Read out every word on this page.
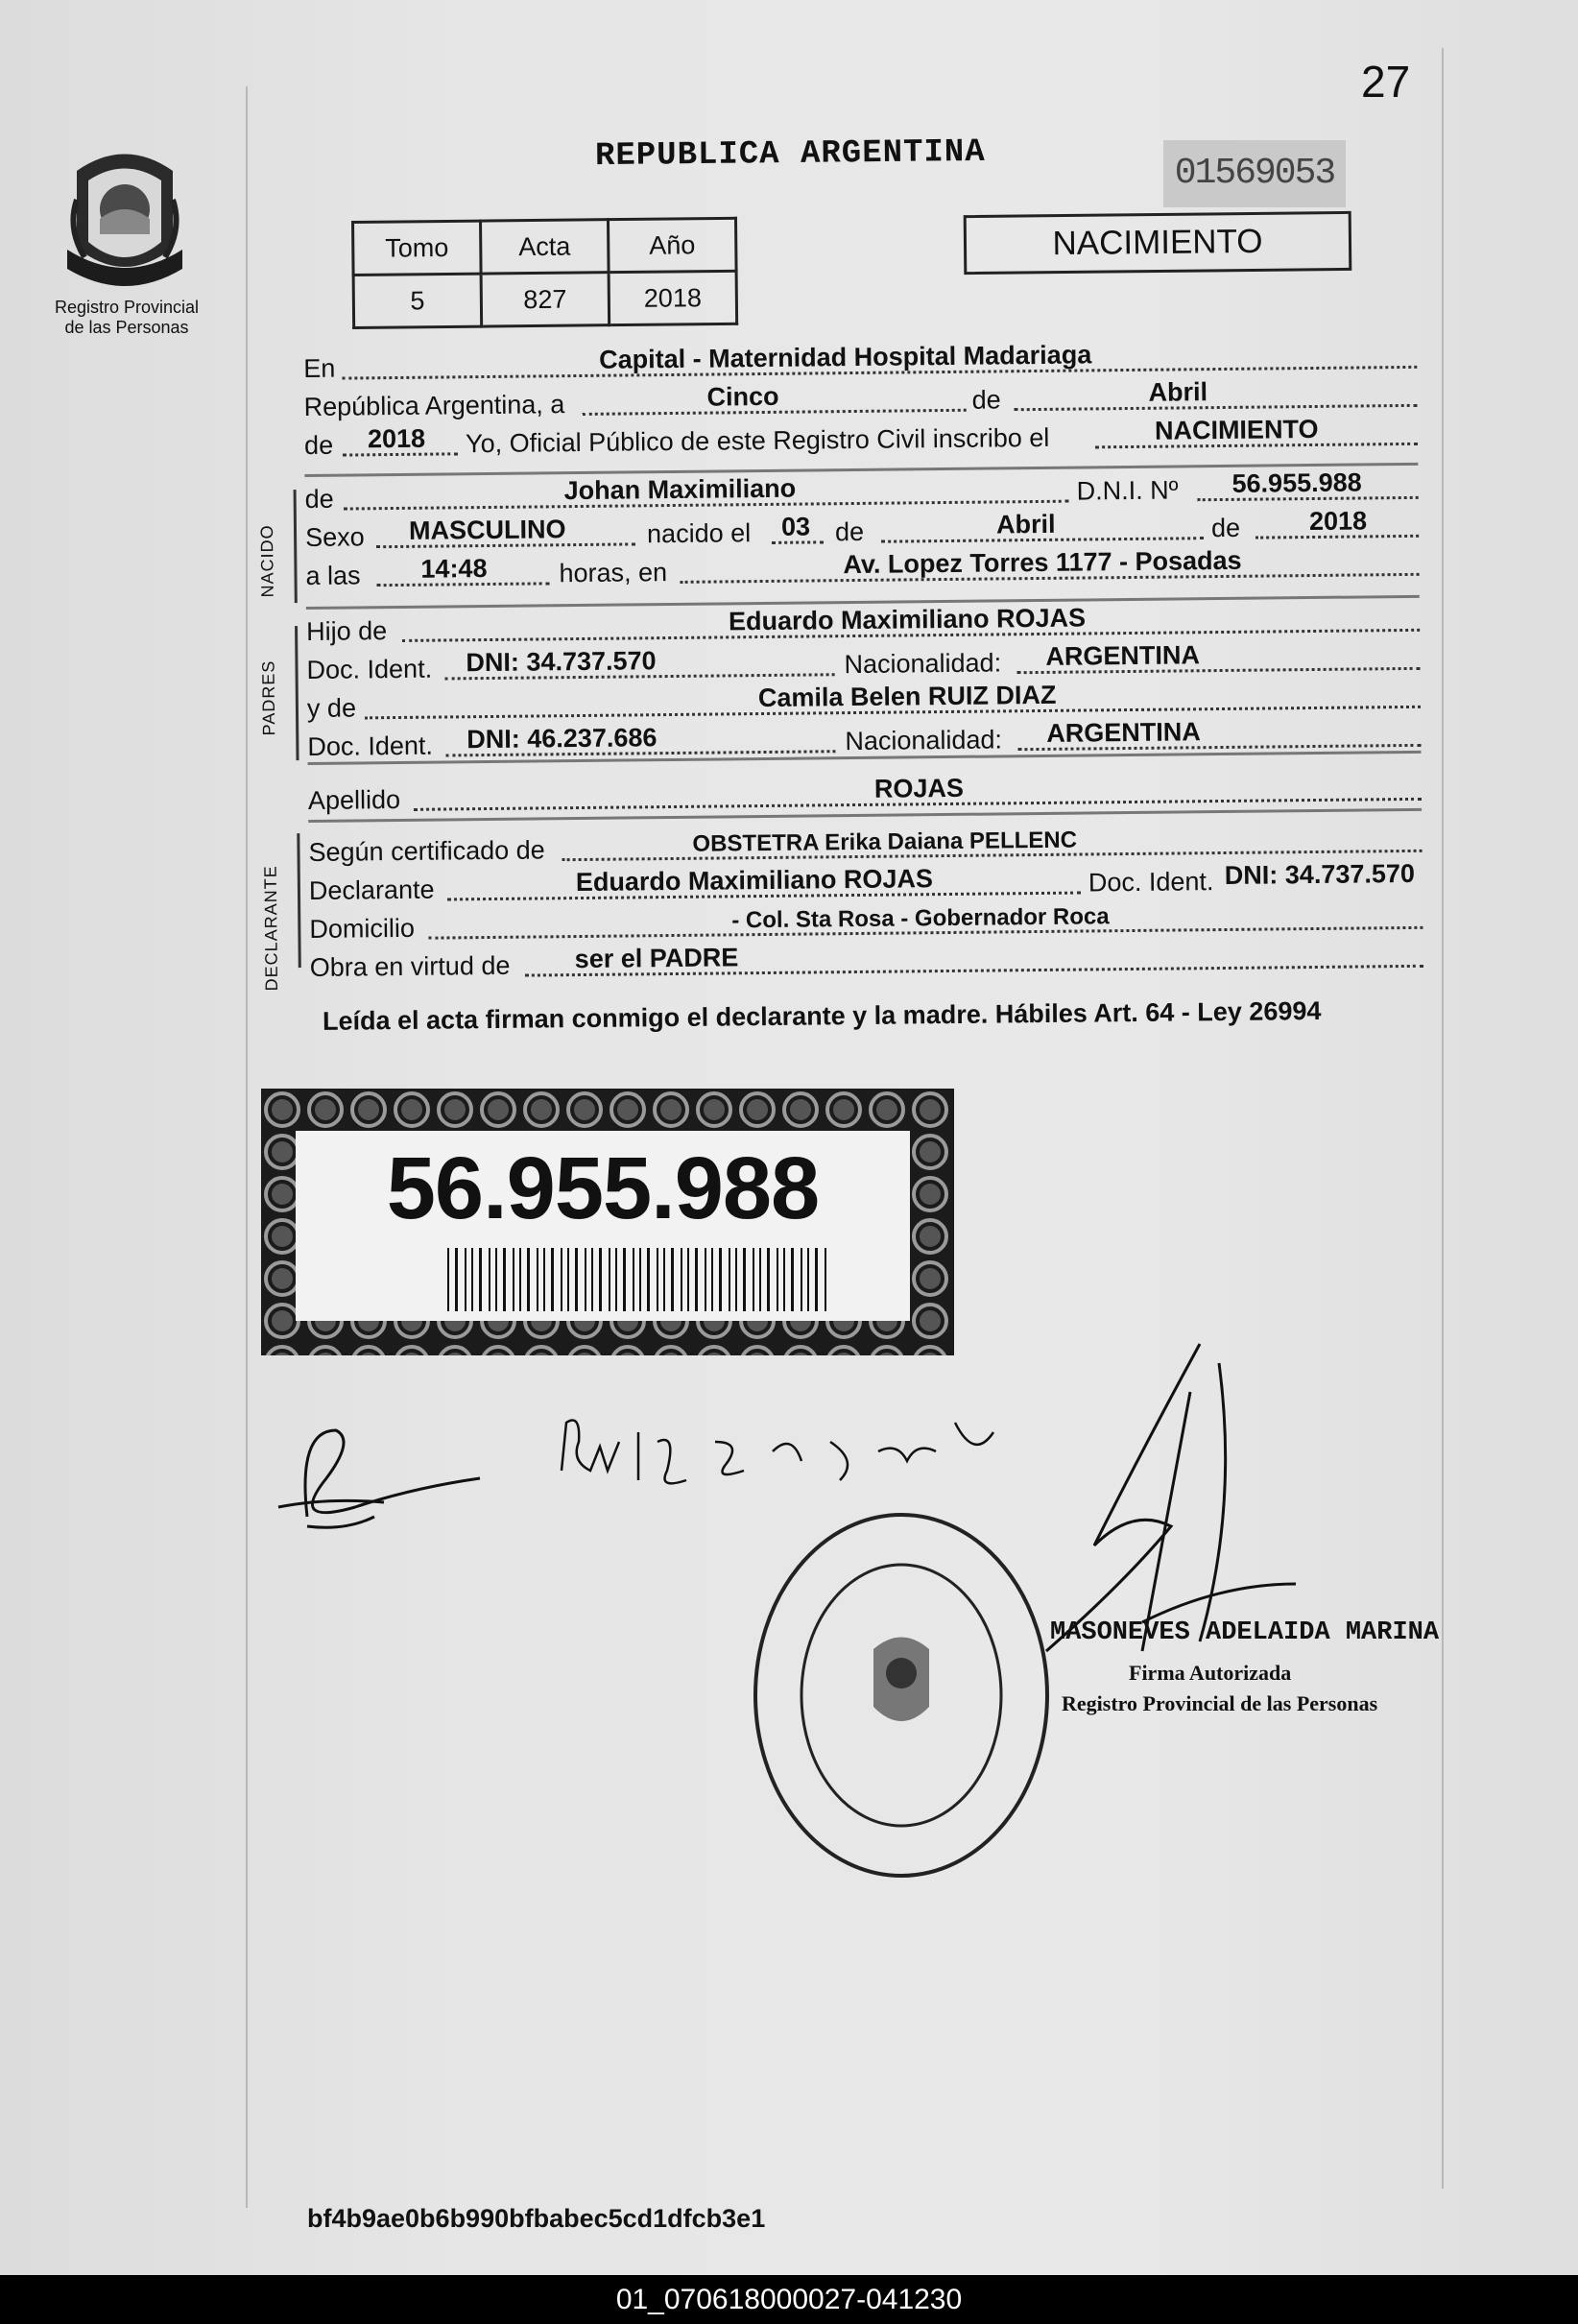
27
Registro Provincial
de las Personas
REPUBLICA ARGENTINA	01569053
Tomo	Acta	Año
5	827	2018
NACIMIENTO
En	Capital - Maternidad Hospital Madariaga
República Argentina, a	Cinco	de	Abril
de 2018 Yo, Oficial Público de este Registro Civil inscribo el	NACIMIENTO
de	Johan Maximiliano	D.N.I. Nº 56.955.988
Sexo MASCULINO	nacido el 03 de	Abril	de	2018
a las 14:48	horas, en	Av. Lopez Torres 1177 - Posadas
Hijo de	Eduardo Maximiliano ROJAS
Doc. Ident. DNI: 34.737.570	Nacionalidad: ARGENTINA
y de	Camila Belen RUIZ DIAZ
Doc. Ident. DNI: 46.237.686	Nacionalidad: ARGENTINA
Apellido	ROJAS
Según certificado de	OBSTETRA Erika Daiana PELLENC
Declarante	Eduardo Maximiliano ROJAS	Doc. Ident. DNI: 34.737.570
Domicilio	- Col. Sta Rosa - Gobernador Roca
Obra en virtud de ser el PADRE
NACIDO
PADRES
DECLARANTE
Leída el acta firman conmigo el declarante y la madre. Hábiles Art. 64 - Ley 26994
56.955.988
MASONEVES ADELAIDA MARINA
Firma Autorizada
Registro Provincial de las Personas
bf4b9ae0b6b990bfbabec5cd1dfcb3e1
01_070618000027-041230
